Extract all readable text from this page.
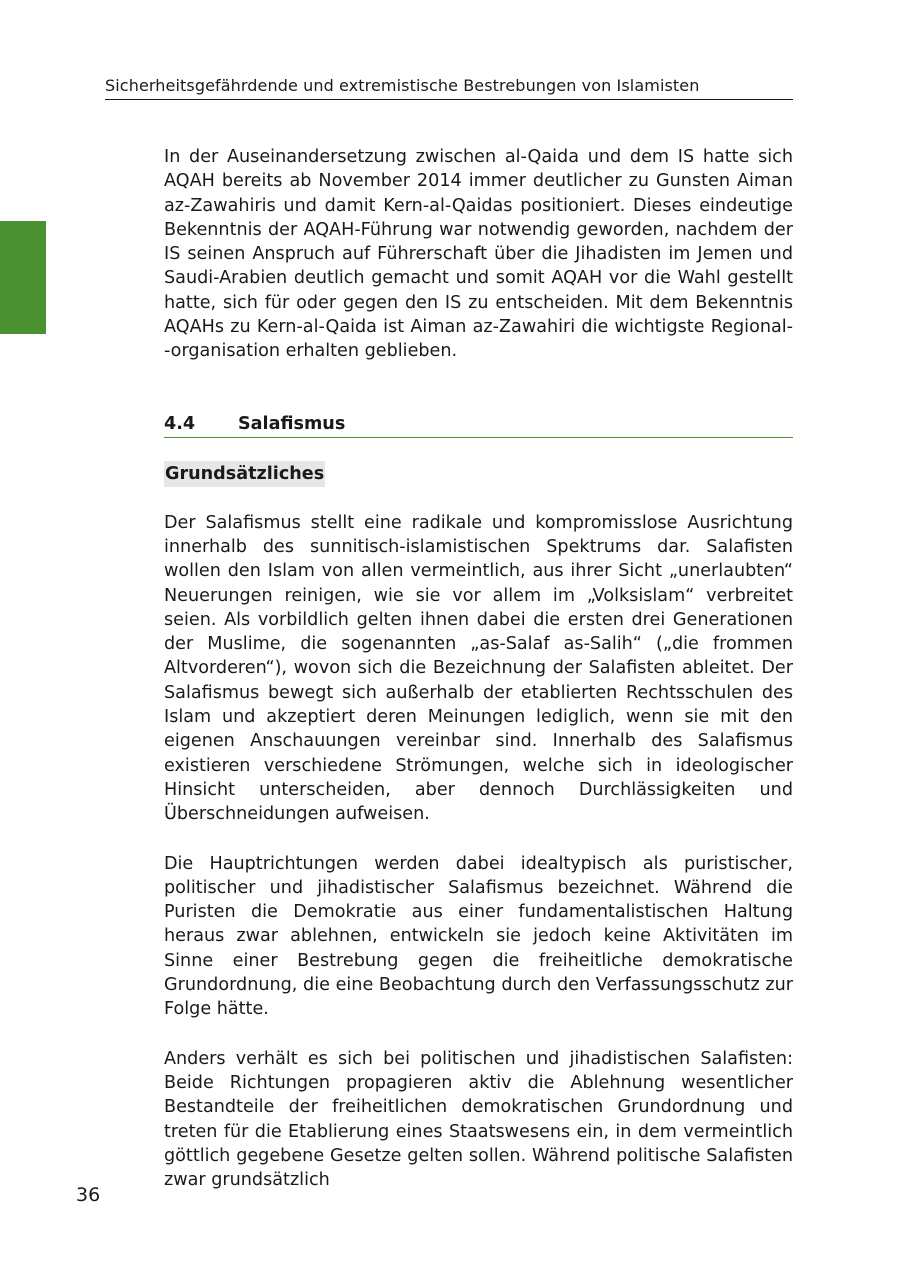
Sicherheitsgefährdende und extremistische Bestrebungen von Islamisten

In der Auseinandersetzung zwischen al-Qaida und dem IS hatte sich AQAH bereits ab November 2014 immer deutlicher zu Gunsten Aiman az-Zawahiris und damit Kern-al-Qaidas positioniert. Dieses eindeutige Bekenntnis der AQAH-Führung war notwendig geworden, nachdem der IS seinen Anspruch auf Führerschaft über die Jihadisten im Jemen und Saudi-Arabien deutlich gemacht und somit AQAH vor die Wahl gestellt hatte, sich für oder gegen den IS zu entscheiden. Mit dem Bekenntnis AQAHs zu Kern-al-Qaida ist Aiman az-Zawahiri die wichtigste Regional--organisation erhalten geblieben.

4.4	Salafismus
Grundsätzliches

Der Salafismus stellt eine radikale und kompromisslose Ausrichtung innerhalb des sunnitisch-islamistischen Spektrums dar. Salafisten wollen den Islam von allen vermeintlich, aus ihrer Sicht „unerlaubten“ Neuerungen reinigen, wie sie vor allem im „Volksislam“ verbreitet seien. Als vorbildlich gelten ihnen dabei die ersten drei Generationen der Muslime, die sogenannten „as-Salaf as-Salih“ („die frommen Altvorderen“), wovon sich die Bezeichnung der Salafisten ableitet. Der Salafismus bewegt sich außerhalb der etablierten Rechtsschulen des Islam und akzeptiert deren Meinungen lediglich, wenn sie mit den eigenen Anschauungen vereinbar sind. Innerhalb des Salafismus existieren verschiedene Strömungen, welche sich in ideologischer Hinsicht unterscheiden, aber dennoch Durchlässigkeiten und Überschneidungen aufweisen.

Die Hauptrichtungen werden dabei idealtypisch als puristischer, politischer und jihadistischer Salafismus bezeichnet. Während die Puristen die Demokratie aus einer fundamentalistischen Haltung heraus zwar ablehnen, entwickeln sie jedoch keine Aktivitäten im Sinne einer Bestrebung gegen die freiheitliche demokratische Grundordnung, die eine Beobachtung durch den Verfassungsschutz zur Folge hätte.

Anders verhält es sich bei politischen und jihadistischen Salafisten: Beide Richtungen propagieren aktiv die Ablehnung wesentlicher Bestandteile der freiheitlichen demokratischen Grundordnung und treten für die Etablierung eines Staatswesens ein, in dem vermeintlich göttlich gegebene Gesetze gelten sollen. Während politische Salafisten zwar grundsätzlich

36
